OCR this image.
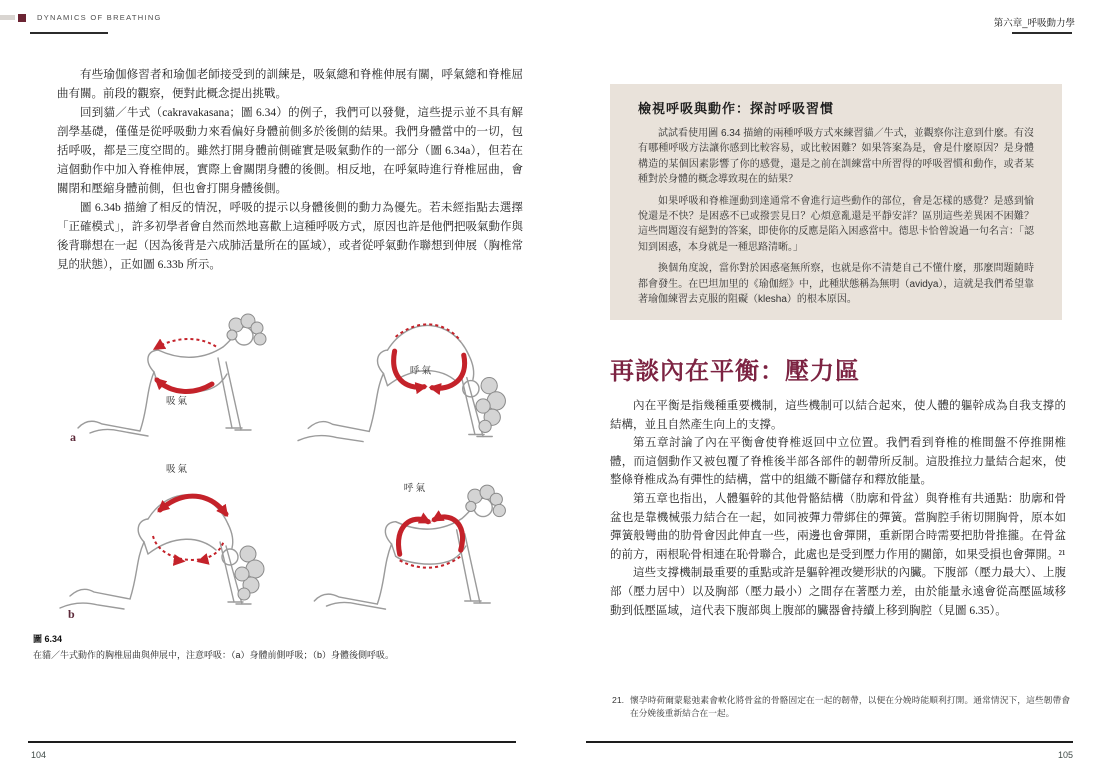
DYNAMICS OF BREATHING
第六章_呼吸動力學

有些瑜伽修習者和瑜伽老師接受到的訓練是，吸氣總和脊椎伸展有關，呼氣總和脊椎屈曲有關。前段的觀察，便對此概念提出挑戰。

回到貓／牛式（cakravakasana；圖 6.34）的例子，我們可以發覺，這些提示並不具有解剖學基礎，僅僅是從呼吸動力來看偏好身體前側多於後側的結果。我們身體當中的一切，包括呼吸，都是三度空間的。雖然打開身體前側確實是吸氣動作的一部分（圖 6.34a），但若在這個動作中加入脊椎伸展，實際上會關閉身體的後側。相反地，在呼氣時進行脊椎屈曲，會關閉和壓縮身體前側，但也會打開身體後側。

圖 6.34b 描繪了相反的情況，呼吸的提示以身體後側的動力為優先。若未經指點去選擇「正確模式」，許多初學者會自然而然地喜歡上這種呼吸方式，原因也許是他們把吸氣動作與後背聯想在一起（因為後背是六成肺活量所在的區域），或者從呼氣動作聯想到伸展（胸椎常見的狀態），正如圖 6.33b 所示。

吸氣
a
呼氣
吸氣
b
呼氣
圖 6.34
在貓／牛式動作的胸椎屈曲與伸展中，注意呼吸：（a）身體前側呼吸；（b）身體後側呼吸。
檢視呼吸與動作：探討呼吸習慣

試試看使用圖 6.34 描繪的兩種呼吸方式來練習貓／牛式，並觀察你注意到什麼。有沒有哪種呼吸方法讓你感到比較容易，或比較困難？如果答案為是，會是什麼原因？是身體構造的某個因素影響了你的感覺，還是之前在訓練當中所習得的呼吸習慣和動作，或者某種對於身體的概念導致現在的結果？

如果呼吸和脊椎運動到達通常不會進行這些動作的部位，會是怎樣的感覺？是感到愉悅還是不快？是困惑不已或撥雲見日？心煩意亂還是平靜安詳？區別這些差異困不困難？這些問題沒有絕對的答案，即使你的反應是陷入困惑當中。德思卡恰曾說過一句名言：「認知到困惑，本身就是一種思路清晰。」

換個角度說，當你對於困惑毫無所察，也就是你不清楚自己不懂什麼，那麼問題隨時都會發生。在巴坦加里的《瑜伽經》中，此種狀態稱為無明（avidya），這就是我們希望靠著瑜伽練習去克服的阻礙（klesha）的根本原因。

再談內在平衡：壓力區

內在平衡是指幾種重要機制，這些機制可以結合起來，使人體的軀幹成為自我支撐的結構，並且自然產生向上的支撐。

第五章討論了內在平衡會使脊椎返回中立位置。我們看到脊椎的椎間盤不停推開椎體，而這個動作又被包覆了脊椎後半部各部件的韌帶所反制。這股推拉力量結合起來，使整條脊椎成為有彈性的結構，當中的組織不斷儲存和釋放能量。

第五章也指出，人體軀幹的其他骨骼結構（肋廓和骨盆）與脊椎有共通點：肋廓和骨盆也是靠機械張力結合在一起，如同被彈力帶綁住的彈簧。當胸腔手術切開胸骨，原本如彈簧般彎曲的肋骨會因此伸直一些，兩邊也會彈開，重新閉合時需要把肋骨推攏。在骨盆的前方，兩根恥骨相連在恥骨聯合，此處也是受到壓力作用的關節，如果受損也會彈開。²¹

這些支撐機制最重要的重點或許是軀幹裡改變形狀的內臟。下腹部（壓力最大）、上腹部（壓力居中）以及胸部（壓力最小）之間存在著壓力差，由於能量永遠會從高壓區域移動到低壓區域，這代表下腹部與上腹部的臟器會持續上移到胸腔（見圖 6.35）。

21. 懷孕時荷爾蒙鬆弛素會軟化將骨盆的骨骼固定在一起的韌帶，以便在分娩時能順利打開。通常情況下，這些韌帶會在分娩後重新結合在一起。
104	105
